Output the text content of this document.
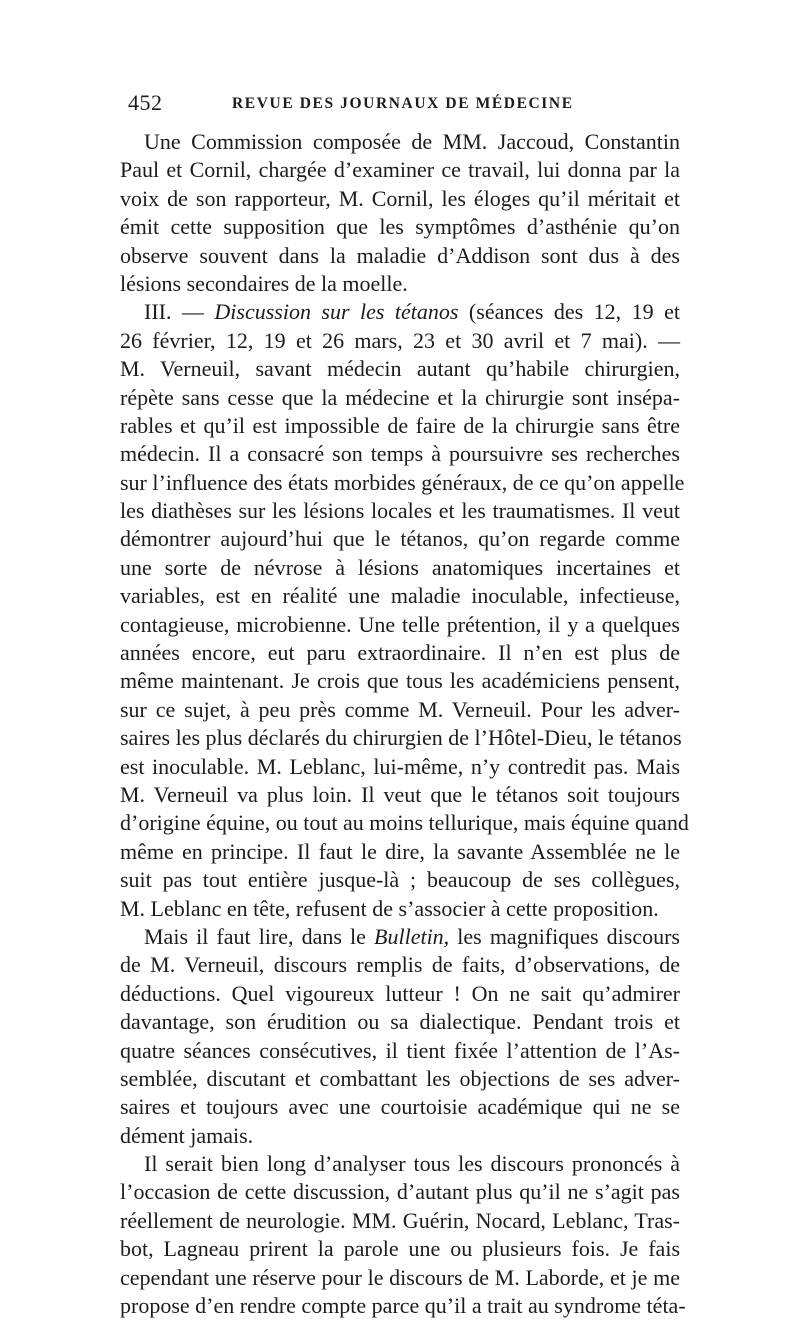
452	REVUE DES JOURNAUX DE MÉDECINE
Une Commission composée de MM. Jaccoud, Constantin
Paul et Cornil, chargée d’examiner ce travail, lui donna par la
voix de son rapporteur, M. Cornil, les éloges qu’il méritait et
émit cette supposition que les symptômes d’asthénie qu’on
observe souvent dans la maladie d’Addison sont dus à des
lésions secondaires de la moelle.
III. — Discussion sur les tétanos (séances des 12, 19 et
26 février, 12, 19 et 26 mars, 23 et 30 avril et 7 mai). —
M. Verneuil, savant médecin autant qu’habile chirurgien,
répète sans cesse que la médecine et la chirurgie sont insépa-
rables et qu’il est impossible de faire de la chirurgie sans être
médecin. Il a consacré son temps à poursuivre ses recherches
sur l’influence des états morbides généraux, de ce qu’on appelle
les diathèses sur les lésions locales et les traumatismes. Il veut
démontrer aujourd’hui que le tétanos, qu’on regarde comme
une sorte de névrose à lésions anatomiques incertaines et
variables, est en réalité une maladie inoculable, infectieuse,
contagieuse, microbienne. Une telle prétention, il y a quelques
années encore, eut paru extraordinaire. Il n’en est plus de
même maintenant. Je crois que tous les académiciens pensent,
sur ce sujet, à peu près comme M. Verneuil. Pour les adver-
saires les plus déclarés du chirurgien de l’Hôtel-Dieu, le tétanos
est inoculable. M. Leblanc, lui-même, n’y contredit pas. Mais
M. Verneuil va plus loin. Il veut que le tétanos soit toujours
d’origine équine, ou tout au moins tellurique, mais équine quand
même en principe. Il faut le dire, la savante Assemblée ne le
suit pas tout entière jusque-là ; beaucoup de ses collègues,
M. Leblanc en tête, refusent de s’associer à cette proposition.
Mais il faut lire, dans le Bulletin, les magnifiques discours
de M. Verneuil, discours remplis de faits, d’observations, de
déductions. Quel vigoureux lutteur ! On ne sait qu’admirer
davantage, son érudition ou sa dialectique. Pendant trois et
quatre séances consécutives, il tient fixée l’attention de l’As-
semblée, discutant et combattant les objections de ses adver-
saires et toujours avec une courtoisie académique qui ne se
dément jamais.
Il serait bien long d’analyser tous les discours prononcés à
l’occasion de cette discussion, d’autant plus qu’il ne s’agit pas
réellement de neurologie. MM. Guérin, Nocard, Leblanc, Tras-
bot, Lagneau prirent la parole une ou plusieurs fois. Je fais
cependant une réserve pour le discours de M. Laborde, et je me
propose d’en rendre compte parce qu’il a trait au syndrome téta-
